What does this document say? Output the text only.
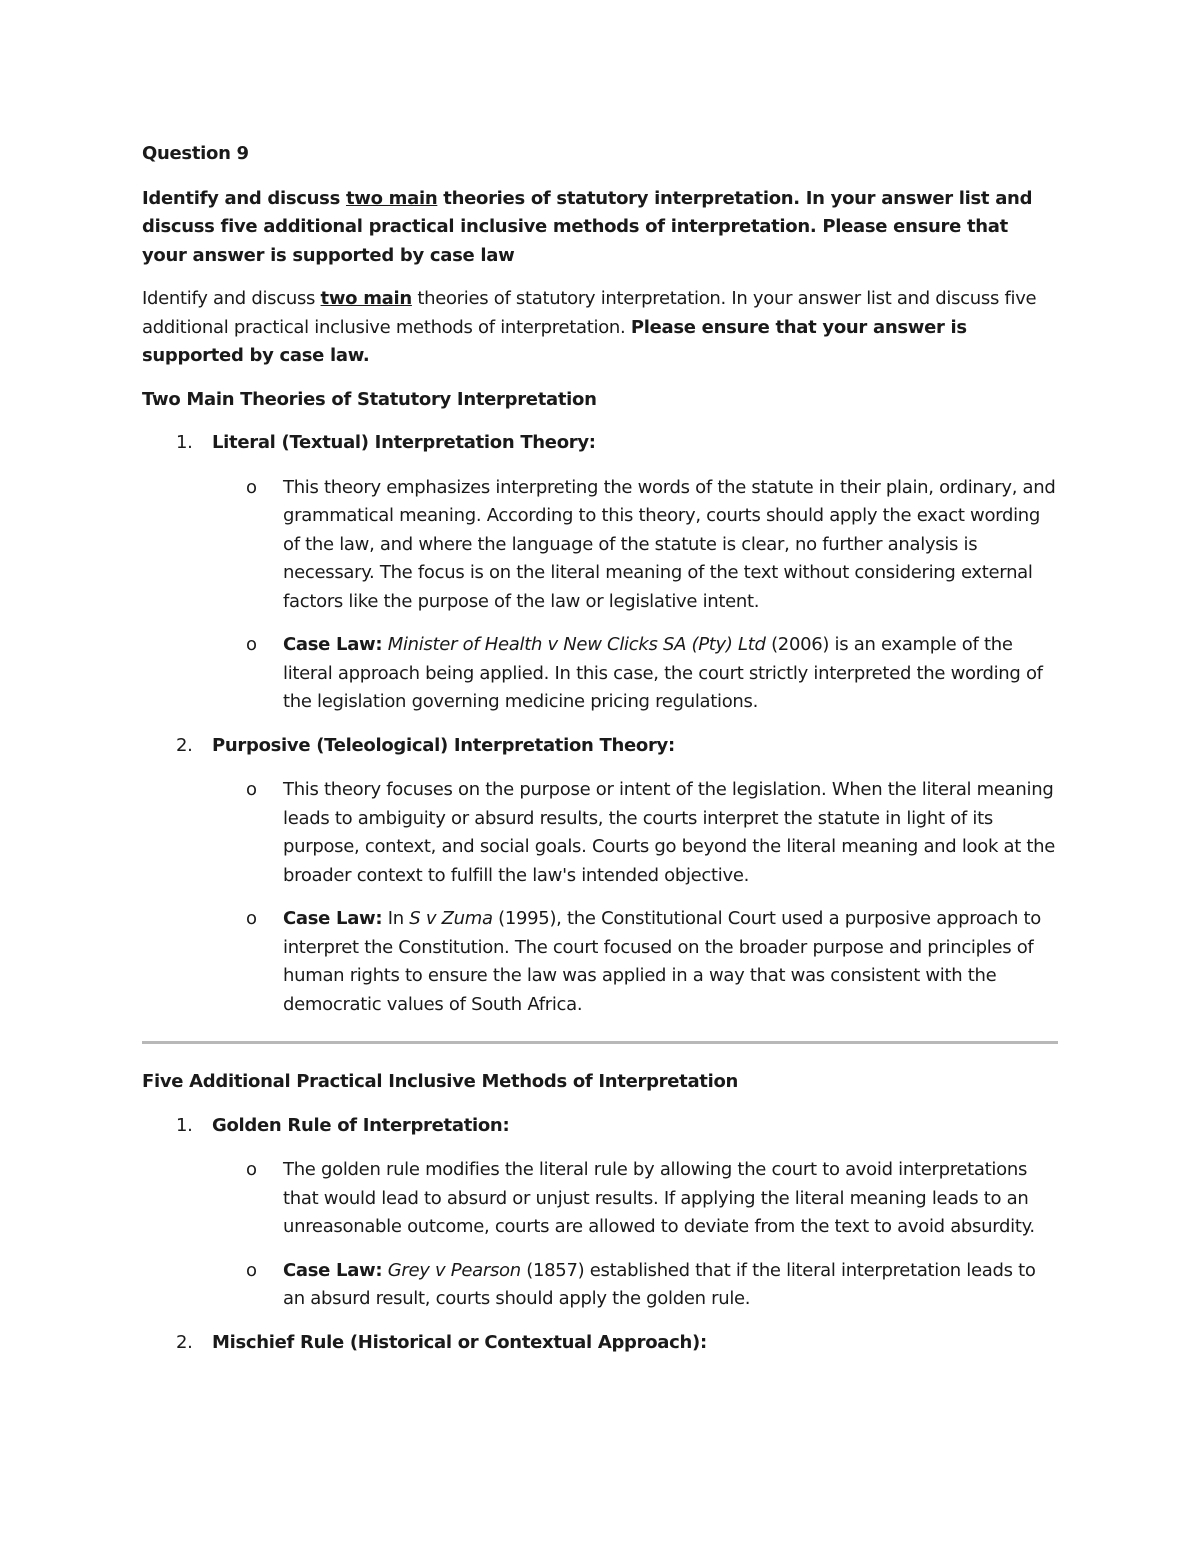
Question 9

Identify and discuss two main theories of statutory interpretation. In your answer list and discuss five additional practical inclusive methods of interpretation. Please ensure that your answer is supported by case law

Identify and discuss two main theories of statutory interpretation. In your answer list and discuss five additional practical inclusive methods of interpretation. Please ensure that your answer is supported by case law.

Two Main Theories of Statutory Interpretation

1. Literal (Textual) Interpretation Theory:
o This theory emphasizes interpreting the words of the statute in their plain, ordinary, and grammatical meaning. According to this theory, courts should apply the exact wording of the law, and where the language of the statute is clear, no further analysis is necessary. The focus is on the literal meaning of the text without considering external factors like the purpose of the law or legislative intent.
o Case Law: Minister of Health v New Clicks SA (Pty) Ltd (2006) is an example of the literal approach being applied. In this case, the court strictly interpreted the wording of the legislation governing medicine pricing regulations.
2. Purposive (Teleological) Interpretation Theory:
o This theory focuses on the purpose or intent of the legislation. When the literal meaning leads to ambiguity or absurd results, the courts interpret the statute in light of its purpose, context, and social goals. Courts go beyond the literal meaning and look at the broader context to fulfill the law's intended objective.
o Case Law: In S v Zuma (1995), the Constitutional Court used a purposive approach to interpret the Constitution. The court focused on the broader purpose and principles of human rights to ensure the law was applied in a way that was consistent with the democratic values of South Africa.

Five Additional Practical Inclusive Methods of Interpretation

1. Golden Rule of Interpretation:
o The golden rule modifies the literal rule by allowing the court to avoid interpretations that would lead to absurd or unjust results. If applying the literal meaning leads to an unreasonable outcome, courts are allowed to deviate from the text to avoid absurdity.
o Case Law: Grey v Pearson (1857) established that if the literal interpretation leads to an absurd result, courts should apply the golden rule.
2. Mischief Rule (Historical or Contextual Approach):
